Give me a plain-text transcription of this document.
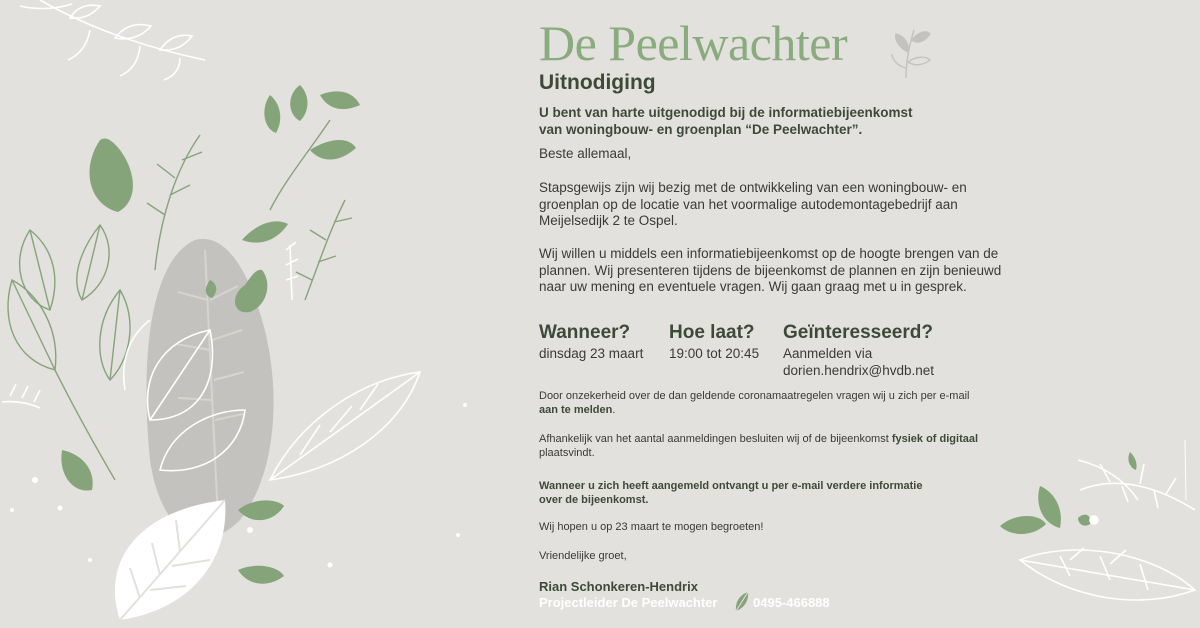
De Peelwachter
Uitnodiging
U bent van harte uitgenodigd bij de informatiebijeenkomst
van woningbouw- en groenplan “De Peelwachter”.

Beste allemaal,

Stapsgewijs zijn wij bezig met de ontwikkeling van een woningbouw- en groenplan op de locatie van het voormalige autodemontagebedrijf aan Meijelsedijk 2 te Ospel.

Wij willen u middels een informatiebijeenkomst op de hoogte brengen van de plannen. Wij presenteren tijdens de bijeenkomst de plannen en zijn benieuwd naar uw mening en eventuele vragen. Wij gaan graag met u in gesprek.

Wanneer?

dinsdag 23 maart

Hoe laat?

19:00 tot 20:45

Geïnteresseerd?

Aanmelden via
dorien.hendrix@hvdb.net

Door onzekerheid over de dan geldende coronamaatregelen vragen wij u zich per e-mail aan te melden.

Afhankelijk van het aantal aanmeldingen besluiten wij of de bijeenkomst fysiek of digitaal plaatsvindt.

Wanneer u zich heeft aangemeld ontvangt u per e-mail verdere informatie over de bijeenkomst.

Wij hopen u op 23 maart te mogen begroeten!

Vriendelijke groet,

Rian Schonkeren-Hendrix

Projectleider De Peelwachter	0495-466888
